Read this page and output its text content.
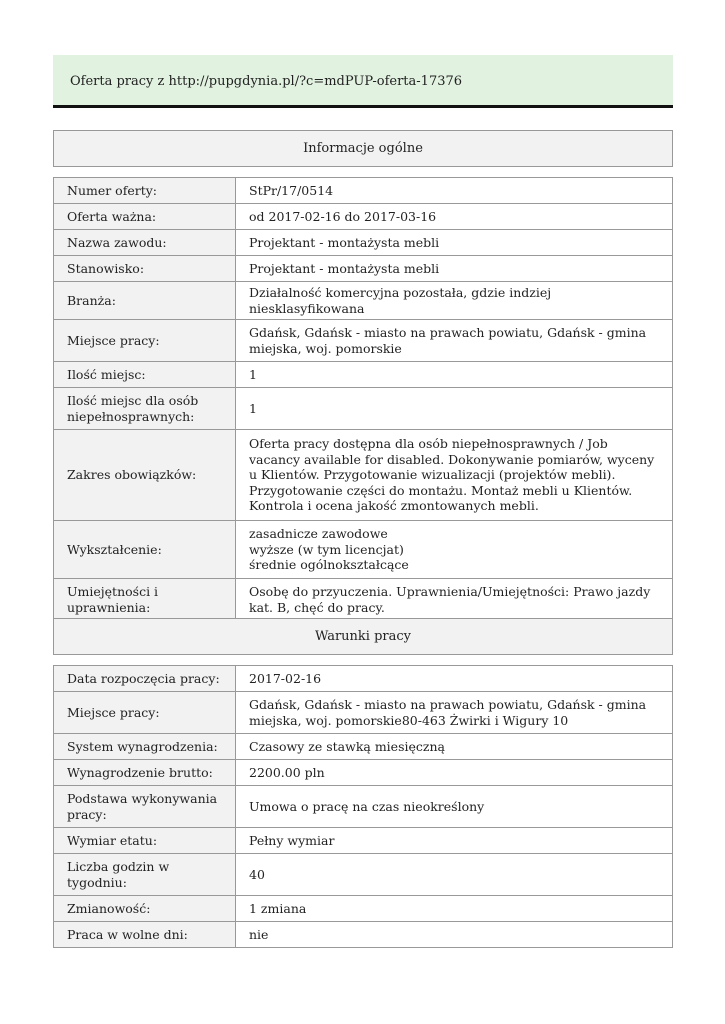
Oferta pracy z http://pupgdynia.pl/?c=mdPUP-oferta-17376
Informacje ogólne
Numer oferty:	StPr/17/0514
Oferta ważna:	od 2017-02-16 do 2017-03-16
Nazwa zawodu:	Projektant - montażysta mebli
Stanowisko:	Projektant - montażysta mebli
Branża:	Działalność komercyjna pozostała, gdzie indziej niesklasyfikowana
Miejsce pracy:	Gdańsk, Gdańsk - miasto na prawach powiatu, Gdańsk - gmina miejska, woj. pomorskie
Ilość miejsc:	1
Ilość miejsc dla osób niepełnosprawnych:	1
Zakres obowiązków:	Oferta pracy dostępna dla osób niepełnosprawnych / Job vacancy available for disabled. Dokonywanie pomiarów, wyceny u Klientów. Przygotowanie wizualizacji (projektów mebli). Przygotowanie części do montażu. Montaż mebli u Klientów. Kontrola i ocena jakość zmontowanych mebli.
Wykształcenie:	zasadnicze zawodowe
wyższe (w tym licencjat)
średnie ogólnokształcące
Umiejętności i uprawnienia:	Osobę do przyuczenia. Uprawnienia/Umiejętności: Prawo jazdy kat. B, chęć do pracy.
Warunki pracy
Data rozpoczęcia pracy:	2017-02-16
Miejsce pracy:	Gdańsk, Gdańsk - miasto na prawach powiatu, Gdańsk - gmina miejska, woj. pomorskie80-463 Żwirki i Wigury 10
System wynagrodzenia:	Czasowy ze stawką miesięczną
Wynagrodzenie brutto:	2200.00 pln
Podstawa wykonywania pracy:	Umowa o pracę na czas nieokreślony
Wymiar etatu:	Pełny wymiar
Liczba godzin w tygodniu:	40
Zmianowość:	1 zmiana
Praca w wolne dni:	nie
